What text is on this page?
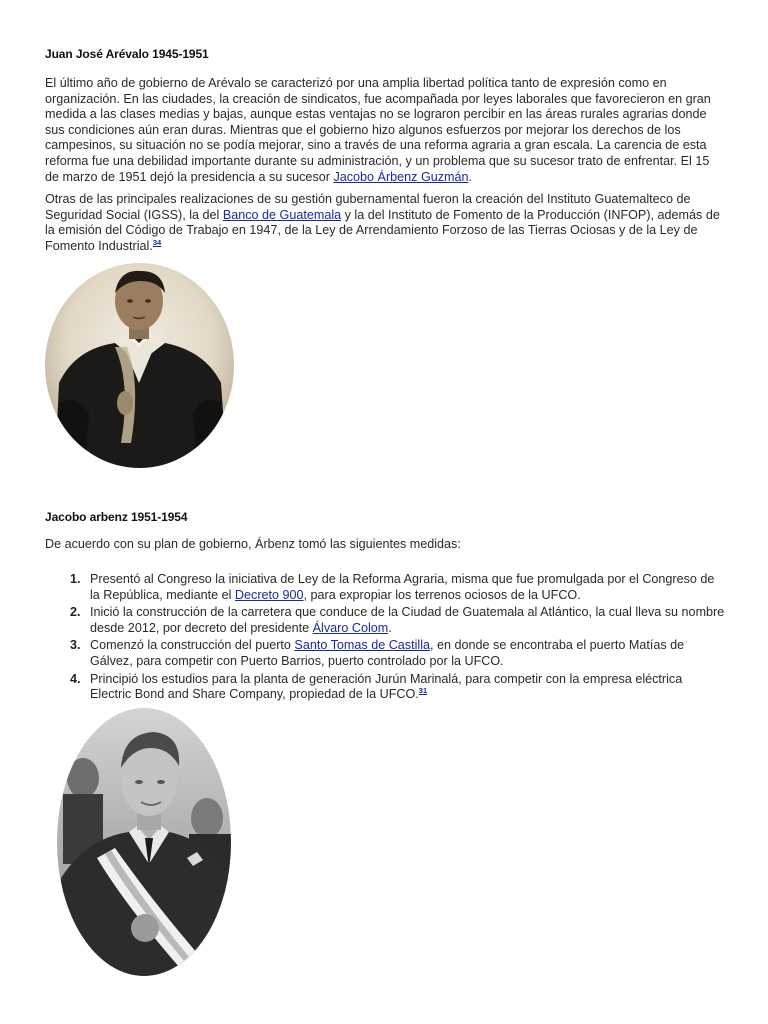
Juan José Arévalo 1945-1951

El último año de gobierno de Arévalo se caracterizó por una amplia libertad política tanto de expresión como en organización. En las ciudades, la creación de sindicatos, fue acompañada por leyes laborales que favorecieron en gran medida a las clases medias y bajas, aunque estas ventajas no se lograron percibir en las áreas rurales agrarias donde sus condiciones aún eran duras. Mientras que el gobierno hizo algunos esfuerzos por mejorar los derechos de los campesinos, su situación no se podía mejorar, sino a través de una reforma agraria a gran escala. La carencia de esta reforma fue una debilidad importante durante su administración, y un problema que su sucesor trato de enfrentar. El 15 de marzo de 1951 dejó la presidencia a su sucesor Jacobo Árbenz Guzmán.

Otras de las principales realizaciones de su gestión gubernamental fueron la creación del Instituto Guatemalteco de Seguridad Social (IGSS), la del Banco de Guatemala y la del Instituto de Fomento de la Producción (INFOP), además de la emisión del Código de Trabajo en 1947, de la Ley de Arrendamiento Forzoso de las Tierras Ociosas y de la Ley de Fomento Industrial.$^{34}$

Jacobo arbenz 1951-1954

De acuerdo con su plan de gobierno, Árbenz tomó las siguientes medidas:

1. Presentó al Congreso la iniciativa de Ley de la Reforma Agraria, misma que fue promulgada por el Congreso de la República, mediante el Decreto 900, para expropiar los terrenos ociosos de la UFCO.
2. Inició la construcción de la carretera que conduce de la Ciudad de Guatemala al Atlántico, la cual lleva su nombre desde 2012, por decreto del presidente Álvaro Colom.
3. Comenzó la construcción del puerto Santo Tomas de Castilla, en donde se encontraba el puerto Matías de Gálvez, para competir con Puerto Barrios, puerto controlado por la UFCO.
4. Principió los estudios para la planta de generación Jurún Marinalá, para competir con la empresa eléctrica Electric Bond and Share Company, propiedad de la UFCO.$^{31}$
